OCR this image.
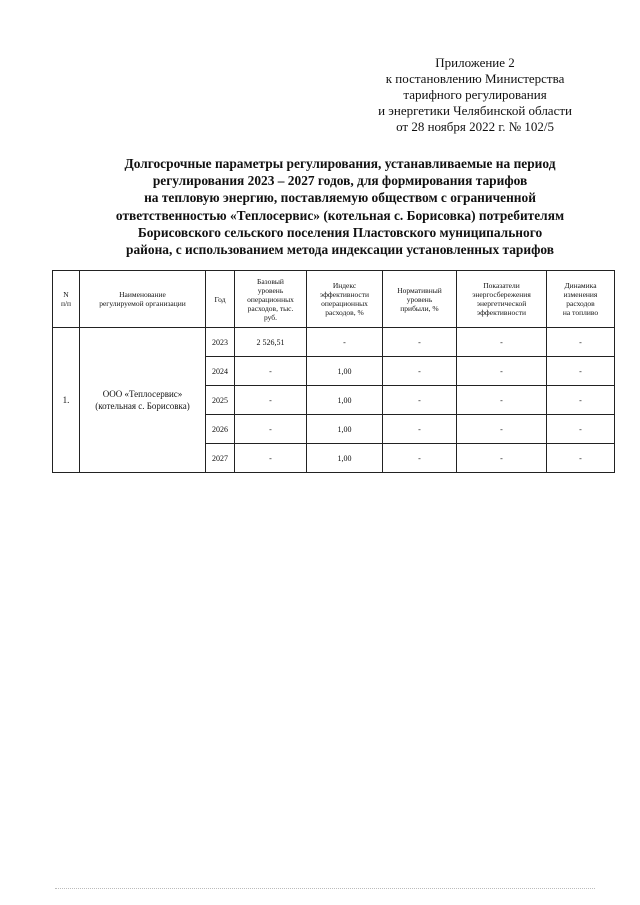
Приложение 2
к постановлению Министерства
тарифного регулирования
и энергетики Челябинской области
от 28 ноября 2022 г. № 102/5
Долгосрочные параметры регулирования, устанавливаемые на период
регулирования 2023 – 2027 годов, для формирования тарифов
на тепловую энергию, поставляемую обществом с ограниченной
ответственностью «Теплосервис» (котельная с. Борисовка) потребителям
Борисовского сельского поселения Пластовского муниципального
района, с использованием метода индексации установленных тарифов
N
п/п	Наименование
регулируемой организации	Год	Базовый
уровень
операционных
расходов, тыс.
руб.	Индекс
эффективности
операционных
расходов, %	Нормативный
уровень
прибыли, %	Показатели
энергосбережения
энергетической
эффективности	Динамика
изменения
расходов
на топливо
1.	ООО «Теплосервис»
(котельная с. Борисовка)	2023	2 526,51	-	-	-	-
		2024	-	1,00	-	-	-
		2025	-	1,00	-	-	-
		2026	-	1,00	-	-	-
		2027	-	1,00	-	-	-
